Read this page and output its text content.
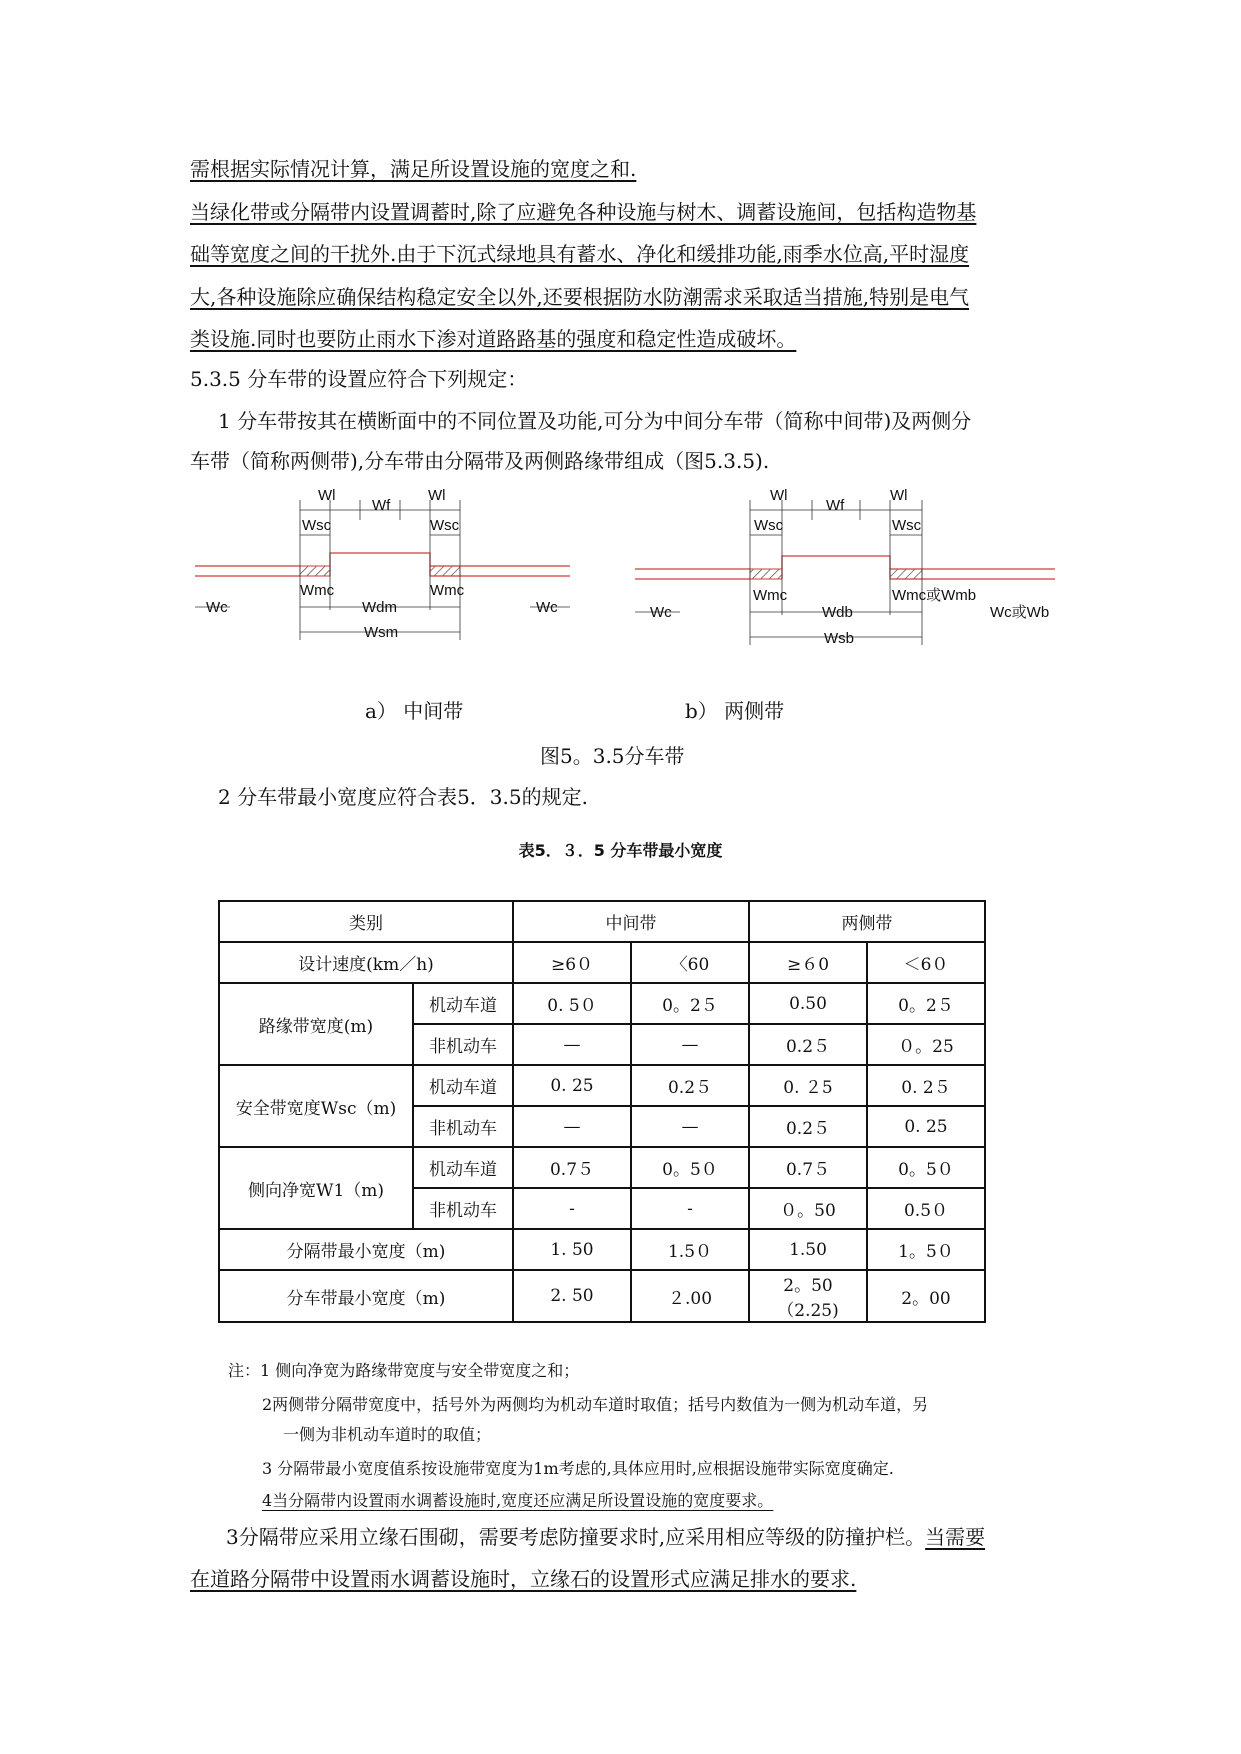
需根据实际情况计算，满足所设置设施的宽度之和.
当绿化带或分隔带内设置调蓄时,除了应避免各种设施与树木、调蓄设施间，包括构造物基
础等宽度之间的干扰外.由于下沉式绿地具有蓄水、净化和缓排功能,雨季水位高,平时湿度
大,各种设施除应确保结构稳定安全以外,还要根据防水防潮需求采取适当措施,特别是电气
类设施.同时也要防止雨水下渗对道路路基的强度和稳定性造成破坏。
5.3.5 分车带的设置应符合下列规定：
1 分车带按其在横断面中的不同位置及功能,可分为中间分车带（简称中间带)及两侧分
车带（简称两侧带),分车带由分隔带及两侧路缘带组成（图5.3.5).
Wl
Wf
Wl
Wsc	Wsc
Wmc	Wmc
Wc	Wdm	Wc
Wsm
Wl
Wf
Wl
Wsc	Wsc
Wmc	Wmc或Wmb
Wc	Wdb	Wc或Wb
Wsb
a） 中间带	b） 两侧带
图5。3.5分车带
2 分车带最小宽度应符合表5．3.5的规定.
表5．３．5 分车带最小宽度
类别		中间带		两侧带	
设计速度(km／h)		≥6０	〈60	≥６0	＜6０
路缘带宽度(m)	机动车道	0. 5０	0。2５	0.50	0。2５
	非机动车	—	—	0.2５	０。25
安全带宽度Wsc（m)	机动车道	0. 25	0.2５	0. ２5	0. 2５
	非机动车	—	—	0.2５	0. 25
侧向净宽W1（m)	机动车道	0.7５	0。5０	0.7５	0。5０
	非机动车	-	-	０。50	0.5０
分隔带最小宽度（m)		1. 50	1.5０	1.50	1。5０
分车带最小宽度（m)		2. 50	２.00	2。50（2.25)	2。00
注：1 侧向净宽为路缘带宽度与安全带宽度之和；
2两侧带分隔带宽度中，括号外为两侧均为机动车道时取值；括号内数值为一侧为机动车道，另
一侧为非机动车道时的取值；
3 分隔带最小宽度值系按设施带宽度为1m考虑的,具体应用时,应根据设施带实际宽度确定.
4当分隔带内设置雨水调蓄设施时,宽度还应满足所设置设施的宽度要求。
3分隔带应采用立缘石围砌，需要考虑防撞要求时,应采用相应等级的防撞护栏。当需要
在道路分隔带中设置雨水调蓄设施时，立缘石的设置形式应满足排水的要求.
